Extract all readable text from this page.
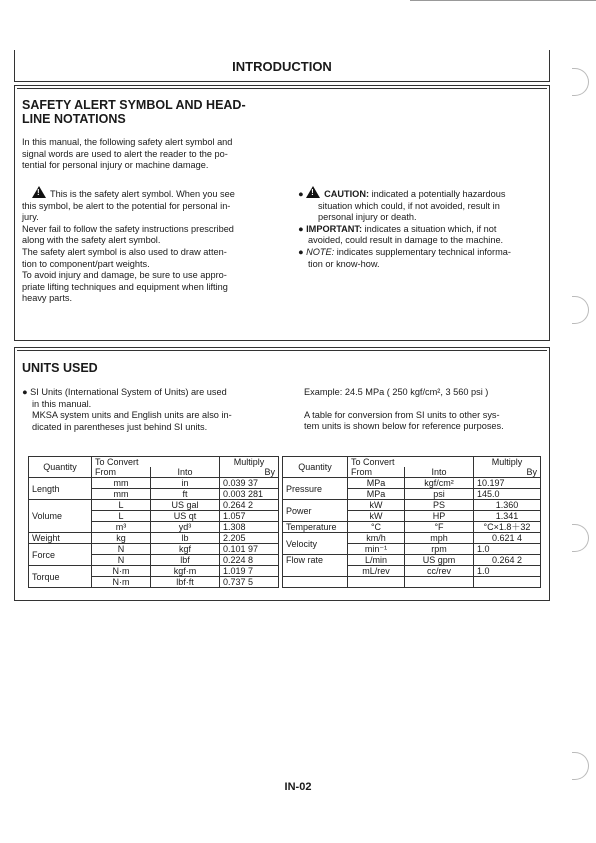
INTRODUCTION
SAFETY ALERT SYMBOL AND HEAD-
LINE NOTATIONS
In this manual, the following safety alert symbol and
signal words are used to alert the reader to the po-
tential for personal injury or machine damage.
! This is the safety alert symbol. When you see
this symbol, be alert to the potential for personal in-
jury.
Never fail to follow the safety instructions prescribed
along with the safety alert symbol.
The safety alert symbol is also used to draw atten-
tion to component/part weights.
To avoid injury and damage, be sure to use appro-
priate lifting techniques and equipment when lifting
heavy parts.
● ! CAUTION: indicated a potentially hazardous
situation which could, if not avoided, result in
personal injury or death.
● IMPORTANT: indicates a situation which, if not
avoided, could result in damage to the machine.
● NOTE: indicates supplementary technical informa-
tion or know-how.
UNITS USED
● SI Units (International System of Units) are used
in this manual.
MKSA system units and English units are also in-
dicated in parentheses just behind SI units.
Example: 24.5 MPa ( 250 kgf/cm², 3 560 psi )
A table for conversion from SI units to other sys-
tem units is shown below for reference purposes.
Quantity	To Convert		Multiply		Quantity	To Convert		Multiply
	From	Into	By			From	Into	By
Length	mm	in	0.039 37		Pressure	MPa	kgf/cm²	10.197
	mm	ft	0.003 281			MPa	psi	145.0
Volume	L	US gal	0.264 2		Power	kW	PS	1.360
	L	US qt	1.057			kW	HP	1.341
	m³	yd³	1.308		Temperature	°C	°F	°C×1.8＋32
Weight	kg	lb	2.205		Velocity	km/h	mph	0.621 4
Force	N	kgf	0.101 97			min⁻¹	rpm	1.0
	N	lbf	0.224 8		Flow rate	L/min	US gpm	0.264 2
Torque	N·m	kgf·m	1.019 7			mL/rev	cc/rev	1.0
	N·m	lbf·ft	0.737 5					
IN-02
